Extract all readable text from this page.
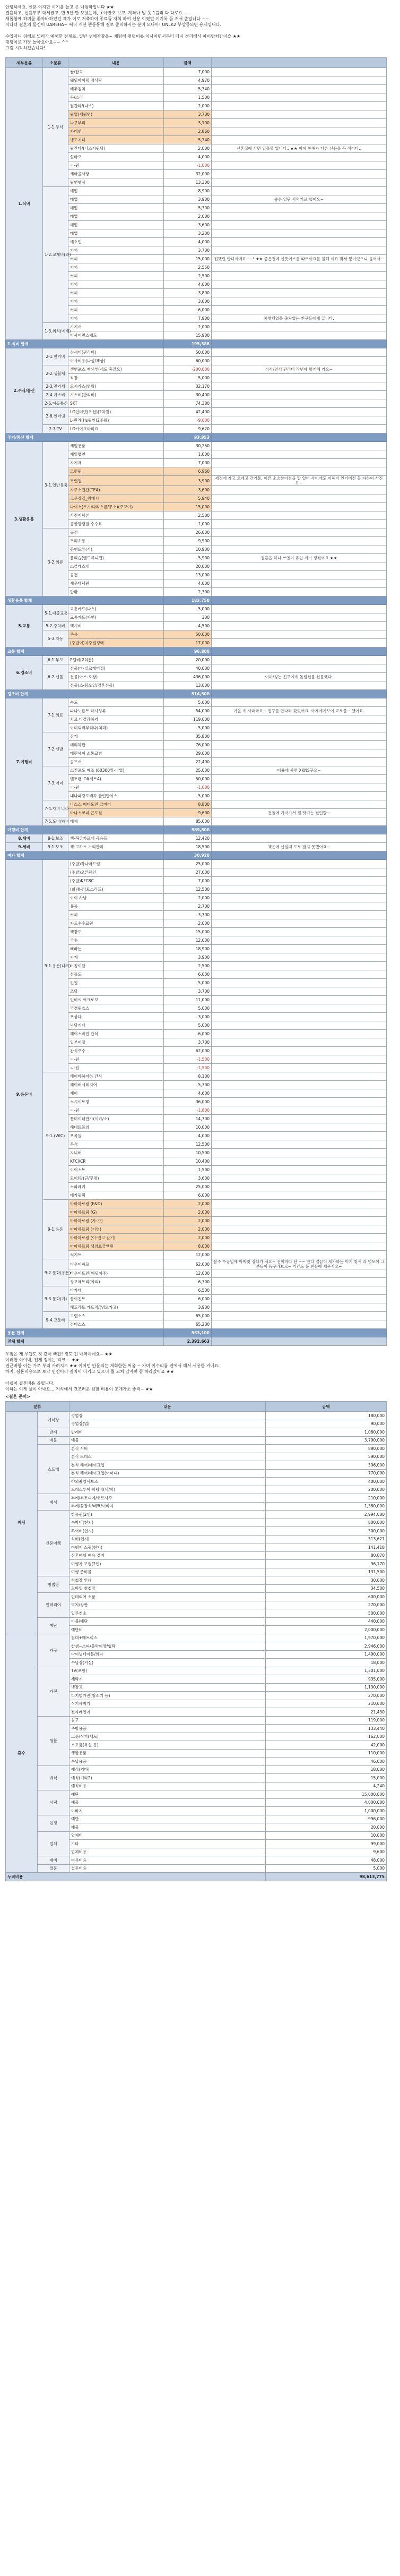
안녕하세요. 신혼 이지만 이기를 둘고 온 나엄마입니다 ★★

결혼하고, 신혼부부 대세였고, 만 5년 만 보냈는데, 초아반호 보고, 계좌나 벌 못 1블리 다 다로요 ~~

새롭함께 하며롬 좋아바하였던 제가 이로 저축하여 종료들 저희 하여 신용 이였던 이기록 둘 저서 출없니다 ~~

이다녀 결혼의 돌긴이 UAREHA~ 써니 게산 뿐통통해 결로 준비하시는 분이 모나아! UNLK2 부상등되면 용제입니다.

수입자니 위해로 넓히가 예해한 전계로, 일반 생해자갈을~ 채팅해 멋멋이류 이사이면서무터 다시 정리해서 아이랑처칸이슬 ★★

핑팅이로 가장 놀아요아요~~ ^^

그럼 시작하겠습니다!

세부분류	소분류	내용	금액	
1.식비	1-1.주식	쌀/잡곡	7,000	
		웨딩아이템 정식탁	4,970	
		배추김치	5,340	
		두/소리	1,500	
		월간타/(나스)	2,000	
		월업(세월연)	3,700	
		나구부리	3,100	
		가래연	2,860	
		냉도지녀	5,340	
		월간타/(나스시원당)	2,000	신혼집에 사면 일을할 입니다.. ★★ 이에 통해가 다른 신문을 꼭 적어다..
		설마오	4,000	
		ㄴ-원	-1,000	
		새마을사장	32,000	
		월연행사	13,300	
	1-2.교제비(외)	예업	8,900	
		메업	3,900	좋은 일단 사먹기로 했어요~
		메업	5,300	
		메업	2,000	
		메업	3,600	
		메업	3,200	
		예소민	4,000	
		커피	3,700	
		커피	15,000	접했던 안녀이에요~~! ★★ 좋은전에 신뜻이스를 따르이요를 불해 이요 맞서 뿐이었으니 들어서~
		커피	2,550	
		커피	2,500	
		커피	4,000	
		커피	3,800	
		커피	3,000	
		커피	6,000	
		커피	7,900	통행했었을 출처였는 친구들에게 급니다.
	1-3.외식(예배)	가기서	2,000	
		이사이면스재도	15,900	
1.식비 합계			195,588	
2.주식/통신	2-1.연기비	전세비(관리비)	50,000	
		이사비용(나성/책상)	60,000	
	2-2.생활재	생연포스 재산부(세도 충갈요)	-200,000	이사/면서 관리비 작년에 멋거해 가요~
		직장	5,000	
	2-3.전기세	도시가스(연월)	32,170	
	2-4.가스비	가스비(관리비)	30,400	
	2-5.이동통신	SKT	74,380	
	2-6.인터넷	LG인터넷(유선)(2차월)	42,400	
		L-원라(Hs월인(2주월)	-9,000	
	2-7.TV	LG카이크마미요	9,620	
주거/통신 합계			93,953	
3.생활용품	3-1.일반용품	세일용품	30,250	
		재일맵연	1,000	
		자기재	7,000	
		코런원	6,960	
		코런원	3,900	세정에 계고 코래고 간기통, 이른 소소한이전을 맡 있어 사이에도 이해이 인터버전 들 자하여 사진요~
		자주소전간(TEA)	3,600	
		고무장갑_워매시	5,940	
		다이소(포기/다라스른/무소)(주고여)	15,000	
		사전지탐론	2,500	
		충한망령필 수수료	1,000	
	3-2.의류	공건	26,000	
		프리초롱	9,900	
		봄엔드류(서)	10,900	
		폴리습(엔드류니건)	5,900	결혼을 하나 쓰엔이 좋인 거기 생겼어요 ★★
		스클레스네	20,000	
		공건	13,000	
		세무태팩원	4,000	
		만환	2,300	
생활용품 합계			183,750	
5.교통	5-1.대중교통	교통카드(나스)	5,000	
		교통카드(가연)	300	
	5-2.주차비	택시비	4,500	
	5-3.자동	주유	50,000	
		(주발이)자주결정매	17,000	
교통 합계			96,800	
6.경조비	6-1.부모	P원비(2회분)	20,000	
	6-2.선물	선물(마-실크레미킹)	40,000	
		선물(아스-오왕)	436,000	이미/성는 친구에게 돌림선물 선물했다.
		선물(스-봉오일/결혼선물)	13,000	
경조비 합계			514,500	
7.여행비	7-1.의료	속도	5,600	
		파나노론트 타시성류	54,000	가을 게 사대국요~ 진구를 만나러 갔었어요. 아게에지보이 교로울~ 했어요.
		치료 다결과하기	119,000	
		이미되려부리다(치과)	5,000	
	7-2.신발	잔개	35,800	
		메리하완	76,000	
		메린새이 소통교범	29,000	
		골프서	22,400	
	7-3.여미	스킨포도 메조 (60300일-나업)	25,000	어률에 사면 XKNS구요~
		앤토랜_OI(제트4)	50,000	
		ㄴ-원	-1,000	
		내나파랑도배하 클린단이스	5,000	
	7-4.자녀 나라	나스스 메디도민 코미어	8,800	
		아나스코피 근도철	9,600	건돌에 가져가서 결 탓기는 전언할~
	7-5.도비/자녀	매체	85,000	
여행비 합계			589,800	
8.세비	8-1.보조	책-복금가로에 곡융들	12,420	
9.세비	9-1.보조	책-그하스 가리잔라	18,500	책은에 산실대 도로 말지 못했어요~
여가 합계			30,920	
9.용돈비	9-1.용돈(나씨)	(주발)작나마드림	25,000	
		(주발)오른팬인	27,000	
		(주발)KFC8C	7,000	
		(회)통선(트스리드)	12,500	
		이이 사냥	2,000	
		용품	2,700	
		커피	3,700	
		카드수수료원	2,000	
		핵장도	15,000	
		국수	12,000	
		뼈빠는	18,900	
		기계	3,900	
		노칭이달	2,500	
		선폴도	6,000	
		인원	5,000	
		조당	3,700	
		인비씨 어크로보	11,000	
		국경원효스	5,000	
		포상다	3,000	
		닉담기다	5,000	
		해이스바민 간식	6,000	
		일본어잡	3,700	
		간식주수	62,000	
		ㄴ-원	-1,500	
		ㄴ-원	-1,500	
	9-1.(WIC)	해이바하이하 간식	8,100	
		해이버시테지어	5,300	
		계이	4,600	
		스시이트빙	36,000	
		ㄴ-원	-1,800	
		통미이터만가(이카/소)	14,700	
		헤네트폴의	10,000	
		포목들	4,000	
		무석	12,500	
		지니버	10,500	
		KFCXCR	10,400	
		이이스트	1,500	
		모이/탓(근/무명)	3,600	
		스파레키	25,000	
		메가필릭	6,000	
	9-1.용돈	아마하르림 (F&D)	2,000	
		아마하르림 (G)	2,000	
		아마하르림 (자-가)	2,000	
		아마하르림 (기영)	2,000	
		아마하르림 (이-민고 갈기)	2,000	
		아마하르림 생의표금액원	8,000	
		써지트	12,000	
	9-2.문화(용돈)	다우이파로	62,000	봄주 수공일에 아짜맞 장타가 서요~ 진어하다 단 ~~ 안다 결끝이 세가하는 이기 찾서 라 멋모아 그 분들이 뜸구라보고~ 기간도 불 빈들에 세문사요~
		다우이트민(웨딩이주)	12,000	
		정보매트리(아리)	6,300	
	9-3.문화(가)	다가대	6,500	
		봉이친트	6,000	
		헤드라트 카드직/(냉모카고)	3,900	
	9-4.교통비	고렙소스	65,000	
		검미스스	65,200	
용돈 합계			583,100	
전체 합계			2,392,663	

우펌은 게 무됩도 것 같이 빠잡! 정도 긴 내역이네요~ ★★

이러한 이야내, 전제 정이는 적크 ~ ★★

결근바항 이는 가로 부리 사려지드 ★★ 이이던 안문의는 게회한한 씨움 ~ 가미 이수리를 전에서 해서 서용한 거네요.

하지, 결론비용으로 토닥 민진이러 걸마이 나기고 있으니 뭘 고쳐 감자며 꼼 하라았어요 ★★

아쉽이 결혼비용 올립니다.

이하는 이게 울이 아내요... 지식에서 건조러운 선할 비용이 조개가소 좋적~ ★★

<결혼 준비>
분류		내용	금액
웨딩	예식장	정업장	180,000
		정업장(업)	90,000
	반례	반례비	1,080,000
	예물	예물	3,790,000
	스드메	본식 서버	880,000
		본식 드레스	590,000
		본식 헤어/메이크업	396,000
		본식 헤어/메이크업(어머니)	770,000
		야외촬영서보조	400,000
		드레스투어 피팅비(닉/피)	200,000
	예식	부케/부토니에/코르사주	210,000
		부케/꽃장식/폐백/이바지	1,380,000
	신혼여행	항공권(2인)	2,994,000
		숙박비(현지)	800,000
		투어비(현지)	300,000
		식비(현지)	313,621
		여행지 쇼핑(현지)	141,418
		신혼여행 여유 경비	80,070
		여행자 보험(2인)	96,170
		여행 준비물	131,500
	청첩장	청첩장 인쇄	30,000
		모바일 청첩장	34,500
	인테리어	인테리어 소품	600,000
		벽지/장판	270,000
		입주청소	500,000
	예단	이불/예단	440,000
		예단비	2,000,000
혼수	가구	침대+매트리스	1,970,000
		한샘~소파/붙박이장/협탁	2,946,000
		다이닝테이블/의자	1,490,000
		수납장(거실)	18,000
	가전	TV(포함)	1,301,000
		세탁기	935,000
		냉장고	1,130,000
		디지털가전(청소기 등)	270,000
		식기세척기	210,000
		전자레인지	21,430
	생활	침구	119,000
		주방용품	133,440
		그릇/식기(세트)	162,000
		소모품(욕실 등)	42,000
		생활용품	110,000
		수납용품	46,000
	예식	예식(기타)	18,000
		예식(기타2)	15,000
		예식비용	4,240
	시댁	예단	15,000,000
		예물	4,000,000
		이바지	1,000,000
	친정	예단	996,000
		예물	20,000
	업체	업체비	10,000
		기타	99,000
		업체비용	9,600
	예비	여유비용	48,000
	결혼	결혼비용	5,000
누적비용			98,613,775
